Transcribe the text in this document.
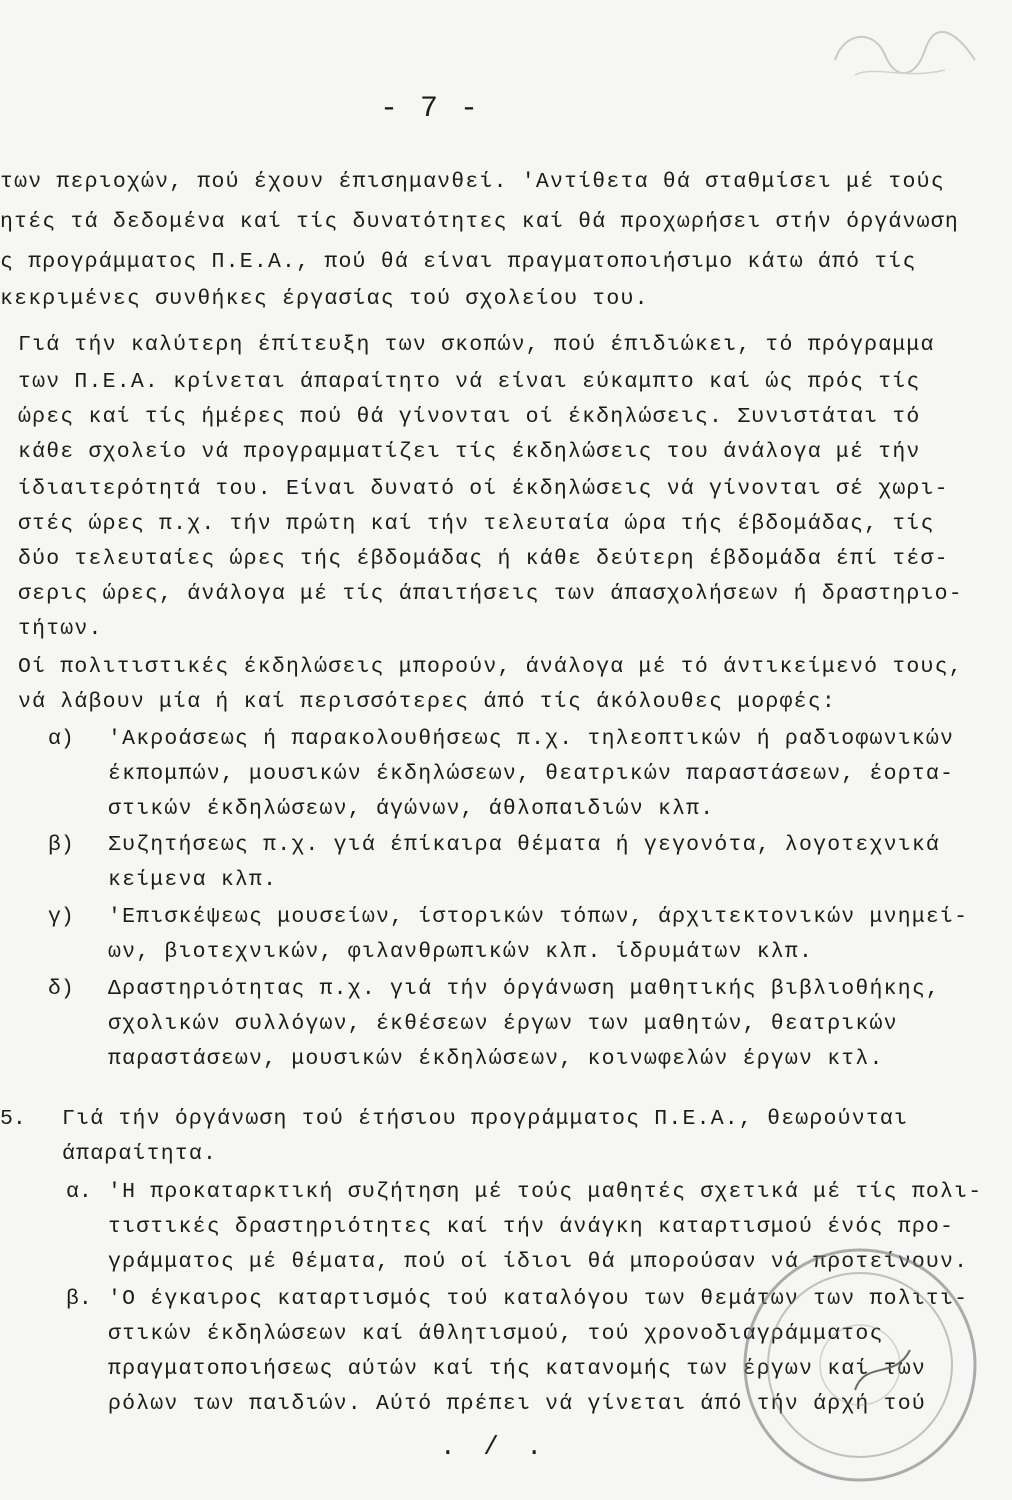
- 7 -
των περιοχών, πού έχουν έπισημανθεί. 'Αντίθετα θά σταθμίσει μέ τούς
ητές τά δεδομένα καί τίς δυνατότητες καί θά προχωρήσει στήν όργάνωση
ς προγράμματος Π.Ε.Α., πού θά είναι πραγματοποιήσιμο κάτω άπό τίς
κεκριμένες συνθήκες έργασίας τού σχολείου του.
Γιά τήν καλύτερη έπίτευξη των σκοπών, πού έπιδιώκει, τό πρόγραμμα
των Π.Ε.Α. κρίνεται άπαραίτητο νά είναι εύκαμπτο καί ώς πρός τίς
ώρες καί τίς ήμέρες πού θά γίνονται οί έκδηλώσεις. Συνιστάται τό
κάθε σχολείο νά προγραμματίζει τίς έκδηλώσεις του άνάλογα μέ τήν
ίδιαιτερότητά του. Είναι δυνατό οί έκδηλώσεις νά γίνονται σέ χωρι-
στές ώρες π.χ. τήν πρώτη καί τήν τελευταία ώρα τής έβδομάδας, τίς
δύο τελευταίες ώρες τής έβδομάδας ή κάθε δεύτερη έβδομάδα έπί τέσ-
σερις ώρες, άνάλογα μέ τίς άπαιτήσεις των άπασχολήσεων ή δραστηριο-
τήτων.
Οί πολιτιστικές έκδηλώσεις μπορούν, άνάλογα μέ τό άντικείμενό τους,
νά λάβουν μία ή καί περισσότερες άπό τίς άκόλουθες μορφές:
α) 'Ακροάσεως ή παρακολουθήσεως π.χ. τηλεοπτικών ή ραδιοφωνικών
έκπομπών, μουσικών έκδηλώσεων, θεατρικών παραστάσεων, έορτα-
στικών έκδηλώσεων, άγώνων, άθλοπαιδιών κλπ.
β) Συζητήσεως π.χ. γιά έπίκαιρα θέματα ή γεγονότα, λογοτεχνικά
κείμενα κλπ.
γ) 'Επισκέψεως μουσείων, ίστορικών τόπων, άρχιτεκτονικών μνημεί-
ων, βιοτεχνικών, φιλανθρωπικών κλπ. ίδρυμάτων κλπ.
δ) Δραστηριότητας π.χ. γιά τήν όργάνωση μαθητικής βιβλιοθήκης,
σχολικών συλλόγων, έκθέσεων έργων των μαθητών, θεατρικών
παραστάσεων, μουσικών έκδηλώσεων, κοινωφελών έργων κτλ.
5. Γιά τήν όργάνωση τού έτήσιου προγράμματος Π.Ε.Α., θεωρούνται
άπαραίτητα.
α. 'Η προκαταρκτική συζήτηση μέ τούς μαθητές σχετικά μέ τίς πολι-
τιστικές δραστηριότητες καί τήν άνάγκη καταρτισμού ένός προ-
γράμματος μέ θέματα, πού οί ίδιοι θά μπορούσαν νά προτείνουν.
β. 'Ο έγκαιρος καταρτισμός τού καταλόγου των θεμάτων των πολιτι-
στικών έκδηλώσεων καί άθλητισμού, τού χρονοδιαγράμματος
πραγματοποιήσεως αύτών καί τής κατανομής των έργων καί των
ρόλων των παιδιών. Αύτό πρέπει νά γίνεται άπό τήν άρχή τού
. / .
